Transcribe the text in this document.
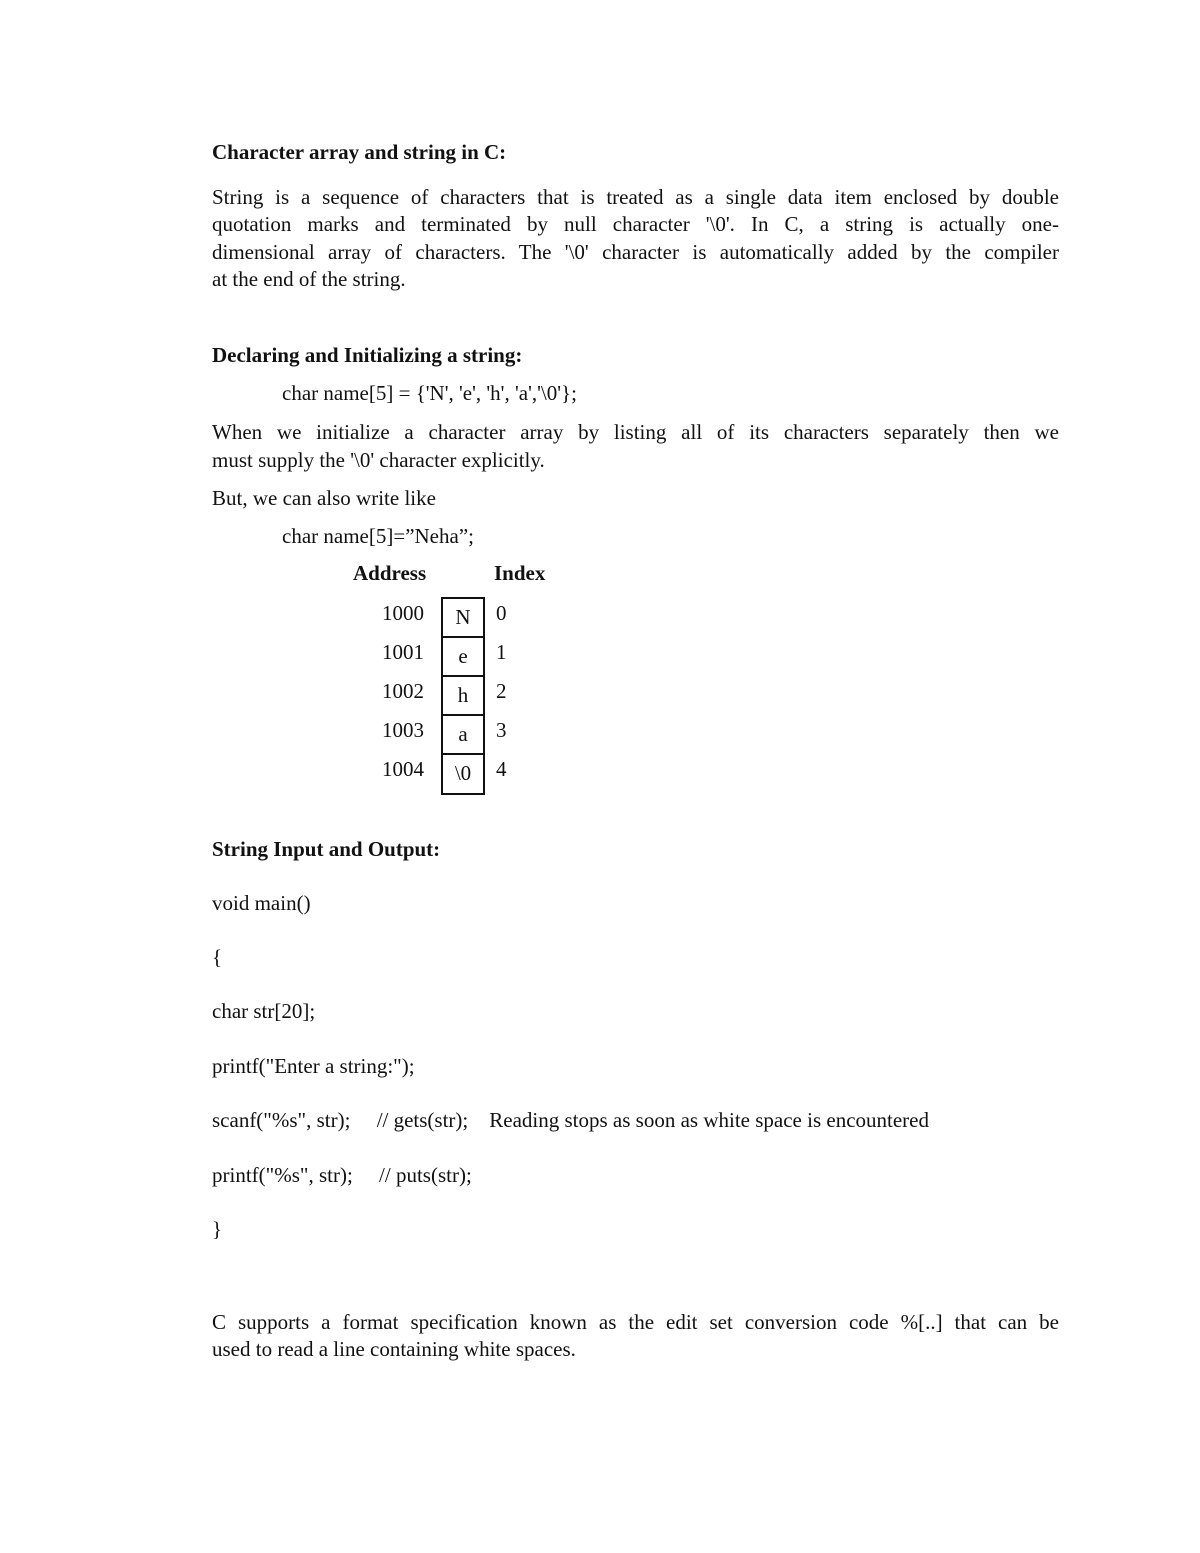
Character array and string in C:
String is a sequence of characters that is treated as a single data item enclosed by double
quotation marks and terminated by null character '\0'. In C, a string is actually one-
dimensional array of characters. The '\0' character is automatically added by the compiler
at the end of the string.
Declaring and Initializing a string:
char name[5] = {'N', 'e', 'h', 'a','\0'};
When we initialize a character array by listing all of its characters separately then we
must supply the '\0' character explicitly.
But, we can also write like
char name[5]=”Neha”;
Address	Index
1000	N	0
1001	e	1
1002	h	2
1003	a	3
1004	\0	4
String Input and Output:
void main()
{
char str[20];
printf("Enter a string:");
scanf("%s", str);     // gets(str);    Reading stops as soon as white space is encountered
printf("%s", str);     // puts(str);
}
C supports a format specification known as the edit set conversion code %[..] that can be
used to read a line containing white spaces.
